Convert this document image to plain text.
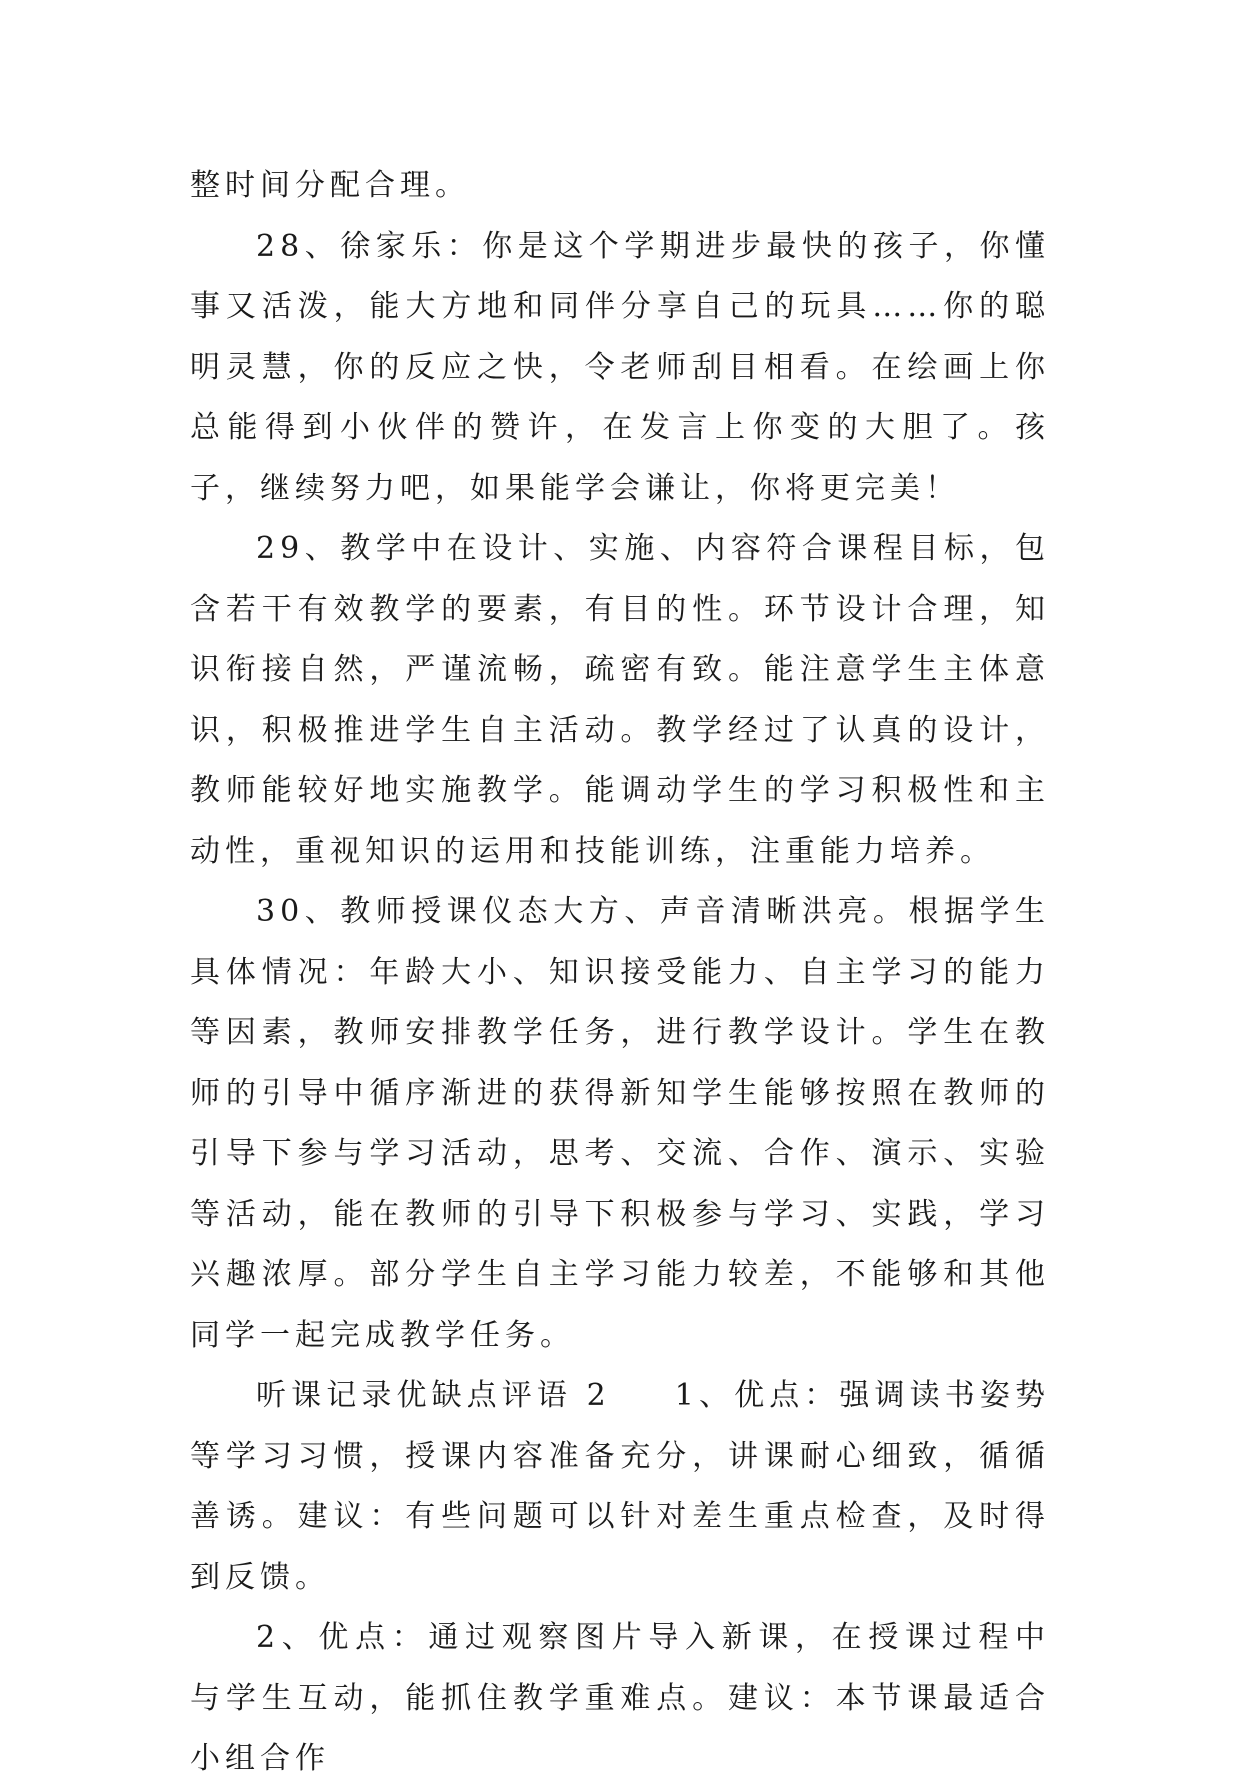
整时间分配合理。

28、徐家乐：你是这个学期进步最快的孩子，你懂事又活泼，能大方地和同伴分享自己的玩具……你的聪明灵慧，你的反应之快，令老师刮目相看。在绘画上你总能得到小伙伴的赞许，在发言上你变的大胆了。孩子，继续努力吧，如果能学会谦让，你将更完美！

29、教学中在设计、实施、内容符合课程目标，包含若干有效教学的要素，有目的性。环节设计合理，知识衔接自然，严谨流畅，疏密有致。能注意学生主体意识，积极推进学生自主活动。教学经过了认真的设计，教师能较好地实施教学。能调动学生的学习积极性和主动性，重视知识的运用和技能训练，注重能力培养。

30、教师授课仪态大方、声音清晰洪亮。根据学生具体情况：年龄大小、知识接受能力、自主学习的能力等因素，教师安排教学任务，进行教学设计。学生在教师的引导中循序渐进的获得新知学生能够按照在教师的引导下参与学习活动，思考、交流、合作、演示、实验等活动，能在教师的引导下积极参与学习、实践，学习兴趣浓厚。部分学生自主学习能力较差，不能够和其他同学一起完成教学任务。

听课记录优缺点评语 2 1、优点：强调读书姿势等学习习惯，授课内容准备充分，讲课耐心细致，循循善诱。建议：有些问题可以针对差生重点检查，及时得到反馈。

2、优点：通过观察图片导入新课，在授课过程中与学生互动，能抓住教学重难点。建议：本节课最适合小组合作
